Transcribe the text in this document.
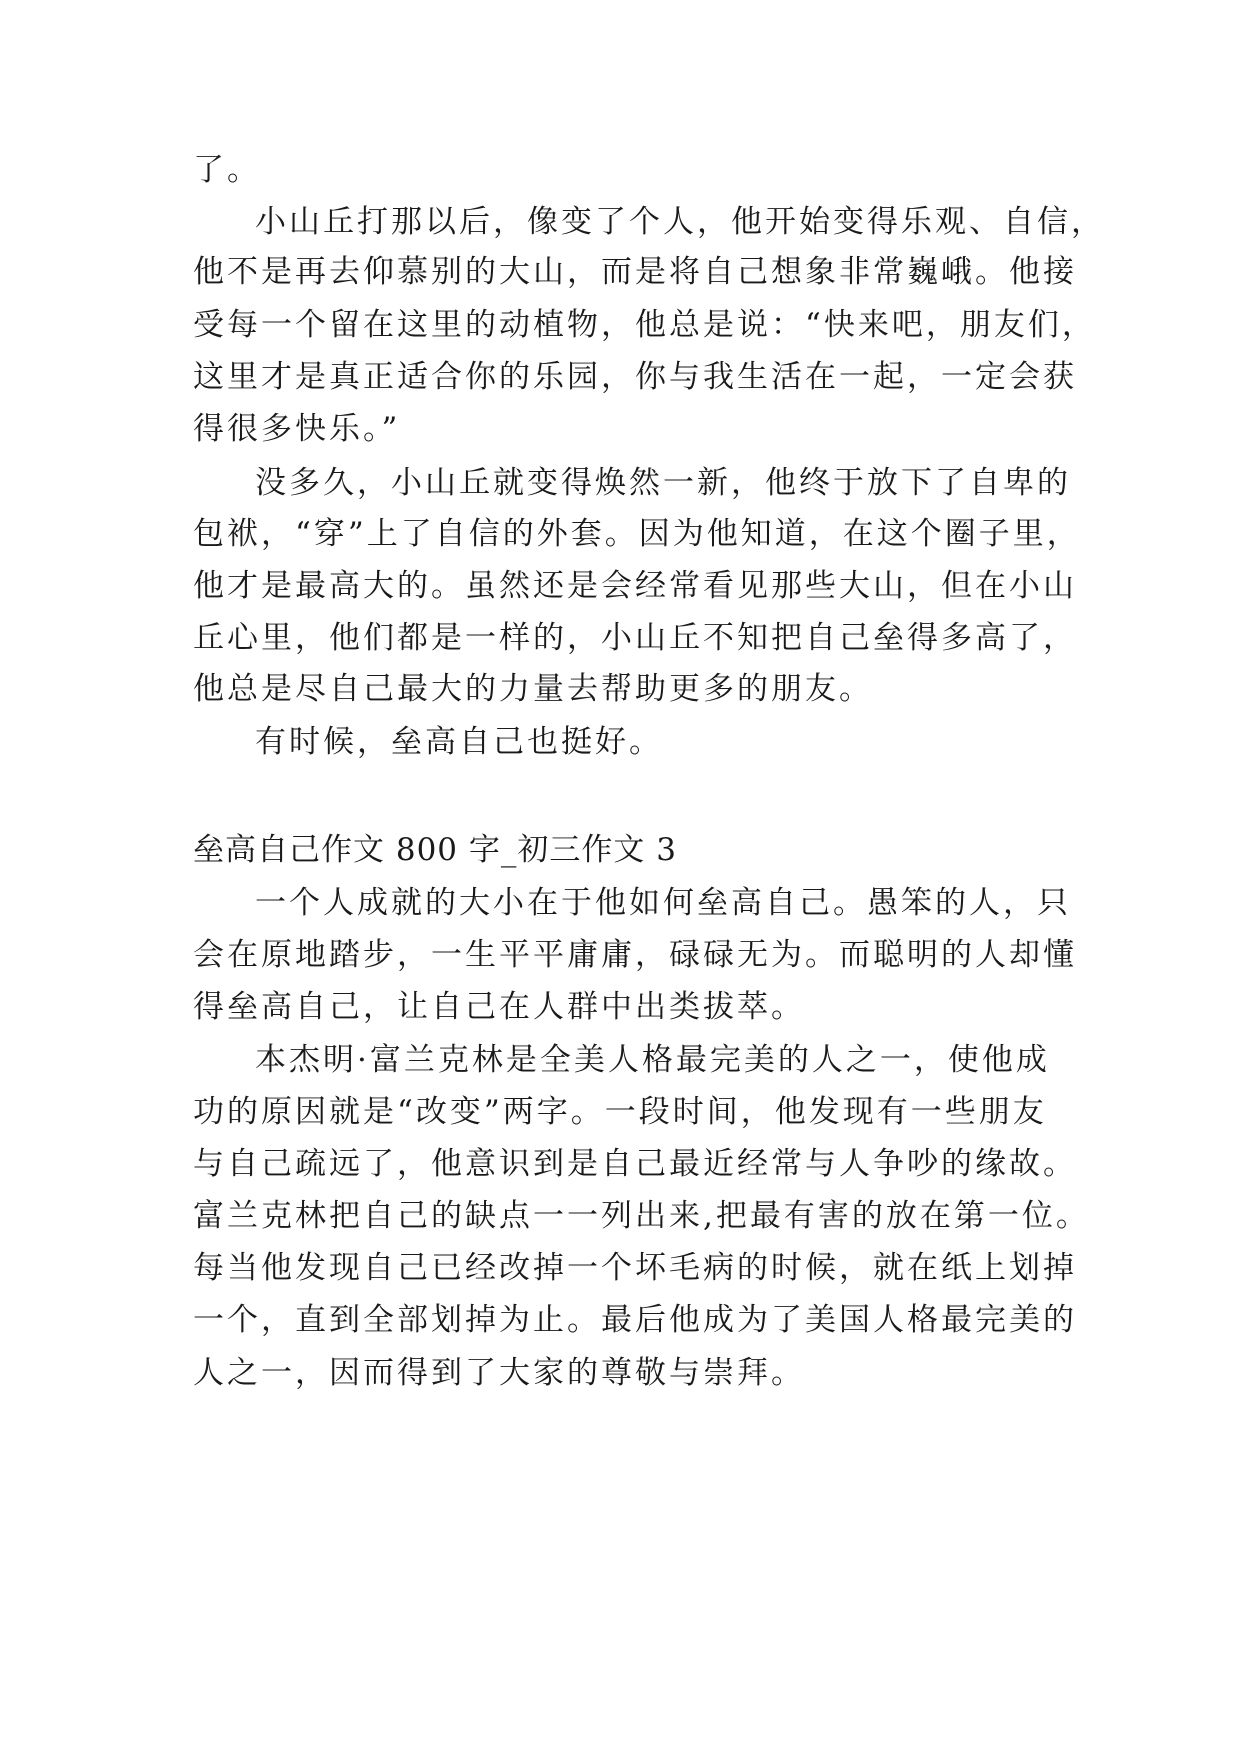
了。
小山丘打那以后，像变了个人，他开始变得乐观、自信，
他不是再去仰慕别的大山，而是将自己想象非常巍峨。他接
受每一个留在这里的动植物，他总是说：“快来吧，朋友们，
这里才是真正适合你的乐园，你与我生活在一起，一定会获
得很多快乐。”
没多久，小山丘就变得焕然一新，他终于放下了自卑的
包袱，“穿”上了自信的外套。因为他知道，在这个圈子里，
他才是最高大的。虽然还是会经常看见那些大山，但在小山
丘心里，他们都是一样的，小山丘不知把自己垒得多高了，
他总是尽自己最大的力量去帮助更多的朋友。
有时候，垒高自己也挺好。
垒高自己作文 800 字_初三作文 3
一个人成就的大小在于他如何垒高自己。愚笨的人，只
会在原地踏步，一生平平庸庸，碌碌无为。而聪明的人却懂
得垒高自己，让自己在人群中出类拔萃。
本杰明·富兰克林是全美人格最完美的人之一，使他成
功的原因就是“改变”两字。一段时间，他发现有一些朋友
与自己疏远了，他意识到是自己最近经常与人争吵的缘故。
富兰克林把自己的缺点一一列出来,把最有害的放在第一位。
每当他发现自己已经改掉一个坏毛病的时候，就在纸上划掉
一个，直到全部划掉为止。最后他成为了美国人格最完美的
人之一，因而得到了大家的尊敬与崇拜。
